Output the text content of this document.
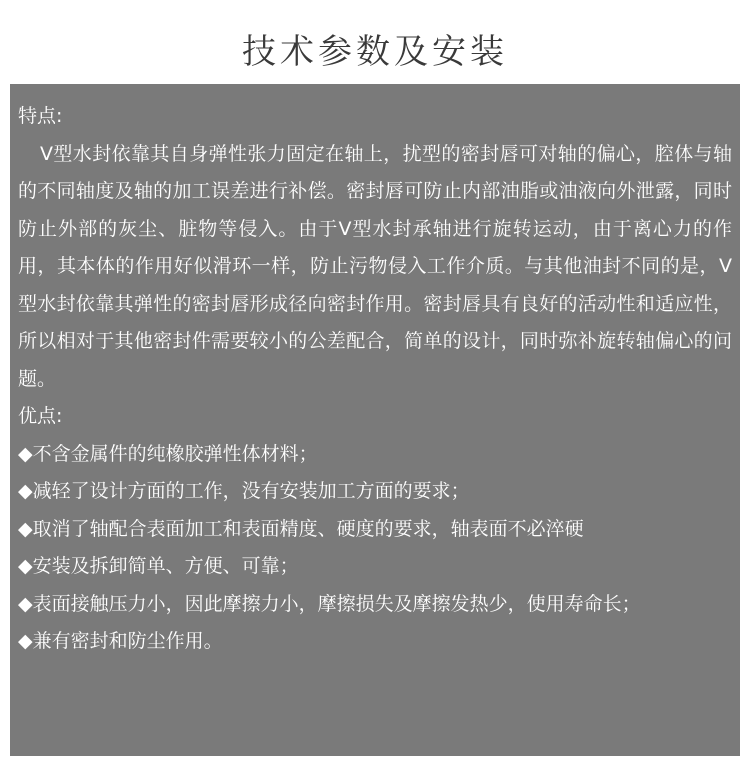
技术参数及安装

特点:

V型水封依靠其自身弹性张力固定在轴上，扰型的密封唇可对轴的偏心，腔体与轴的不同轴度及轴的加工误差进行补偿。密封唇可防止内部油脂或油液向外泄露，同时防止外部的灰尘、脏物等侵入。由于V型水封承轴进行旋转运动，由于离心力的作用，其本体的作用好似滑环一样，防止污物侵入工作介质。与其他油封不同的是，V型水封依靠其弹性的密封唇形成径向密封作用。密封唇具有良好的活动性和适应性，所以相对于其他密封件需要较小的公差配合，简单的设计，同时弥补旋转轴偏心的问题。

优点:

◆不含金属件的纯橡胶弹性体材料；

◆减轻了设计方面的工作，没有安装加工方面的要求；

◆取消了轴配合表面加工和表面精度、硬度的要求，轴表面不必淬硬

◆安装及拆卸简单、方便、可靠；

◆表面接触压力小，因此摩擦力小，摩擦损失及摩擦发热少，使用寿命长；

◆兼有密封和防尘作用。
